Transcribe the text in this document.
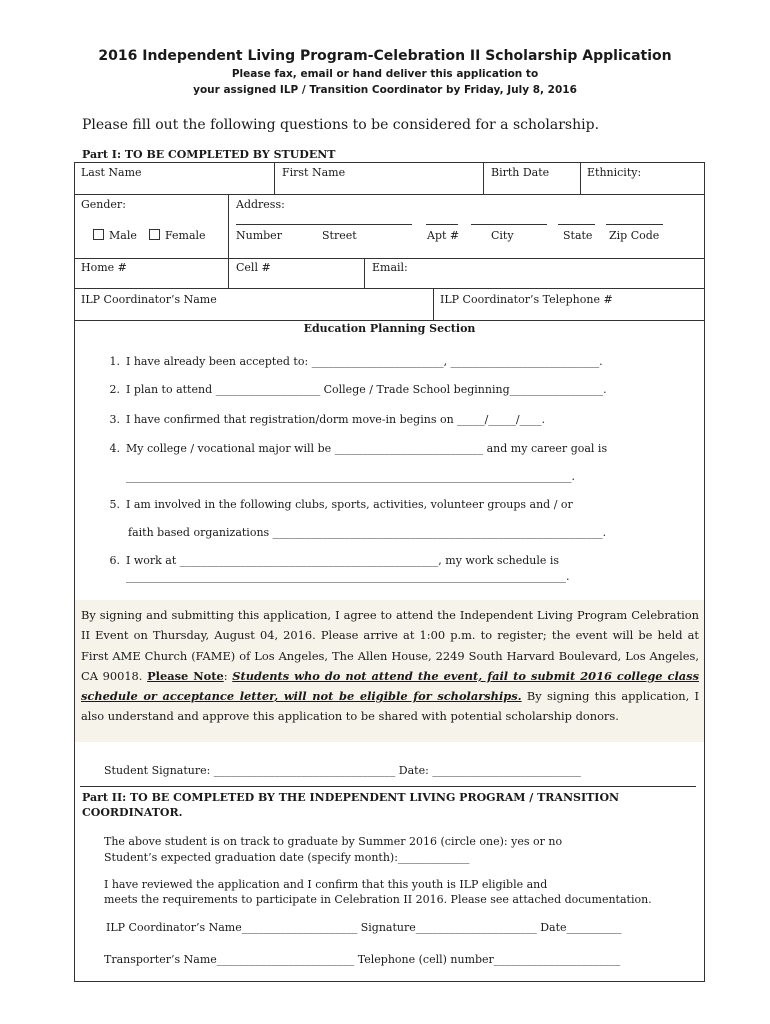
2016 Independent Living Program-Celebration II Scholarship Application
Please fax, email or hand deliver this application to
your assigned ILP / Transition Coordinator by Friday, July 8, 2016
Please fill out the following questions to be considered for a scholarship.
Part I: TO BE COMPLETED BY STUDENT
Last Name	First Name	Birth Date	Ethnicity:
Gender:
Male	Female
Address:
Number	Street	Apt #	City	State Zip Code
Home #	Cell #	Email:
ILP Coordinator’s Name	ILP Coordinator’s Telephone #
Education Planning Section
1. I have already been accepted to: ________________________, ___________________________.
2. I plan to attend ___________________ College / Trade School beginning_________________.
3. I have confirmed that registration/dorm move-in begins on _____/_____/____.
4. My college / vocational major will be ___________________________ and my career goal is
_________________________________________________________________________________.
5. I am involved in the following clubs, sports, activities, volunteer groups and / or
faith based organizations ____________________________________________________________.
6. I work at _______________________________________________, my work schedule is
________________________________________________________________________________.

By signing and submitting this application, I agree to attend the Independent Living Program Celebration II Event on Thursday, August 04, 2016. Please arrive at 1:00 p.m. to register; the event will be held at First AME Church (FAME) of Los Angeles, The Allen House, 2249 South Harvard Boulevard, Los Angeles, CA 90018. Please Note: Students who do not attend the event, fail to submit 2016 college class schedule or acceptance letter, will not be eligible for scholarships. By signing this application, I also understand and approve this application to be shared with potential scholarship donors.

Student Signature: _________________________________ Date: ___________________________
Part II: TO BE COMPLETED BY THE INDEPENDENT LIVING PROGRAM / TRANSITION COORDINATOR.
The above student is on track to graduate by Summer 2016 (circle one): yes or no
Student’s expected graduation date (specify month):_____________
I have reviewed the application and I confirm that this youth is ILP eligible and
meets the requirements to participate in Celebration II 2016. Please see attached documentation.
ILP Coordinator’s Name_____________________ Signature______________________ Date__________
Transporter’s Name_________________________ Telephone (cell) number_______________________
